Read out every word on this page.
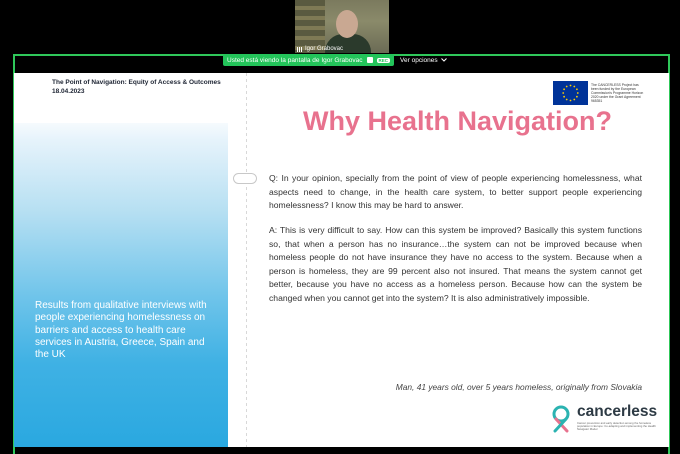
Igor Grabovac
Usted está viendo la pantalla de Igor Grabovac	REC	Ver opciones
The Point of Navigation: Equity of Access & Outcomes
18.04.2023
Results from qualitative interviews with people experiencing homelessness on barriers and access to health care services in Austria, Greece, Spain and the UK
The CANCERLESS Project has been funded by the European Commission's Programme Horizon 2020 under the Grant Agreement 965351
Why Health Navigation?

Q: In your opinion, specially from the point of view of people experiencing homelessness, what aspects need to change, in the health care system, to better support people experiencing homelessness? I know this may be hard to answer.

A: This is very difficult to say. How can this system be improved? Basically this system functions so, that when a person has no insurance…the system can not be improved because when homeless people do not have insurance they have no access to the system. Because when a person is homeless, they are 99 percent also not insured. That means the system cannot get better, because you have no access as a homeless person. Because how can the system be changed when you cannot get into the system? It is also administratively impossible.

Man, 41 years old, over 5 years homeless, originally from Slovakia
cancerless
Cancer prevention and early detection among the homeless population in Europe: Co-adapting and implementing the Health Navigator Model
